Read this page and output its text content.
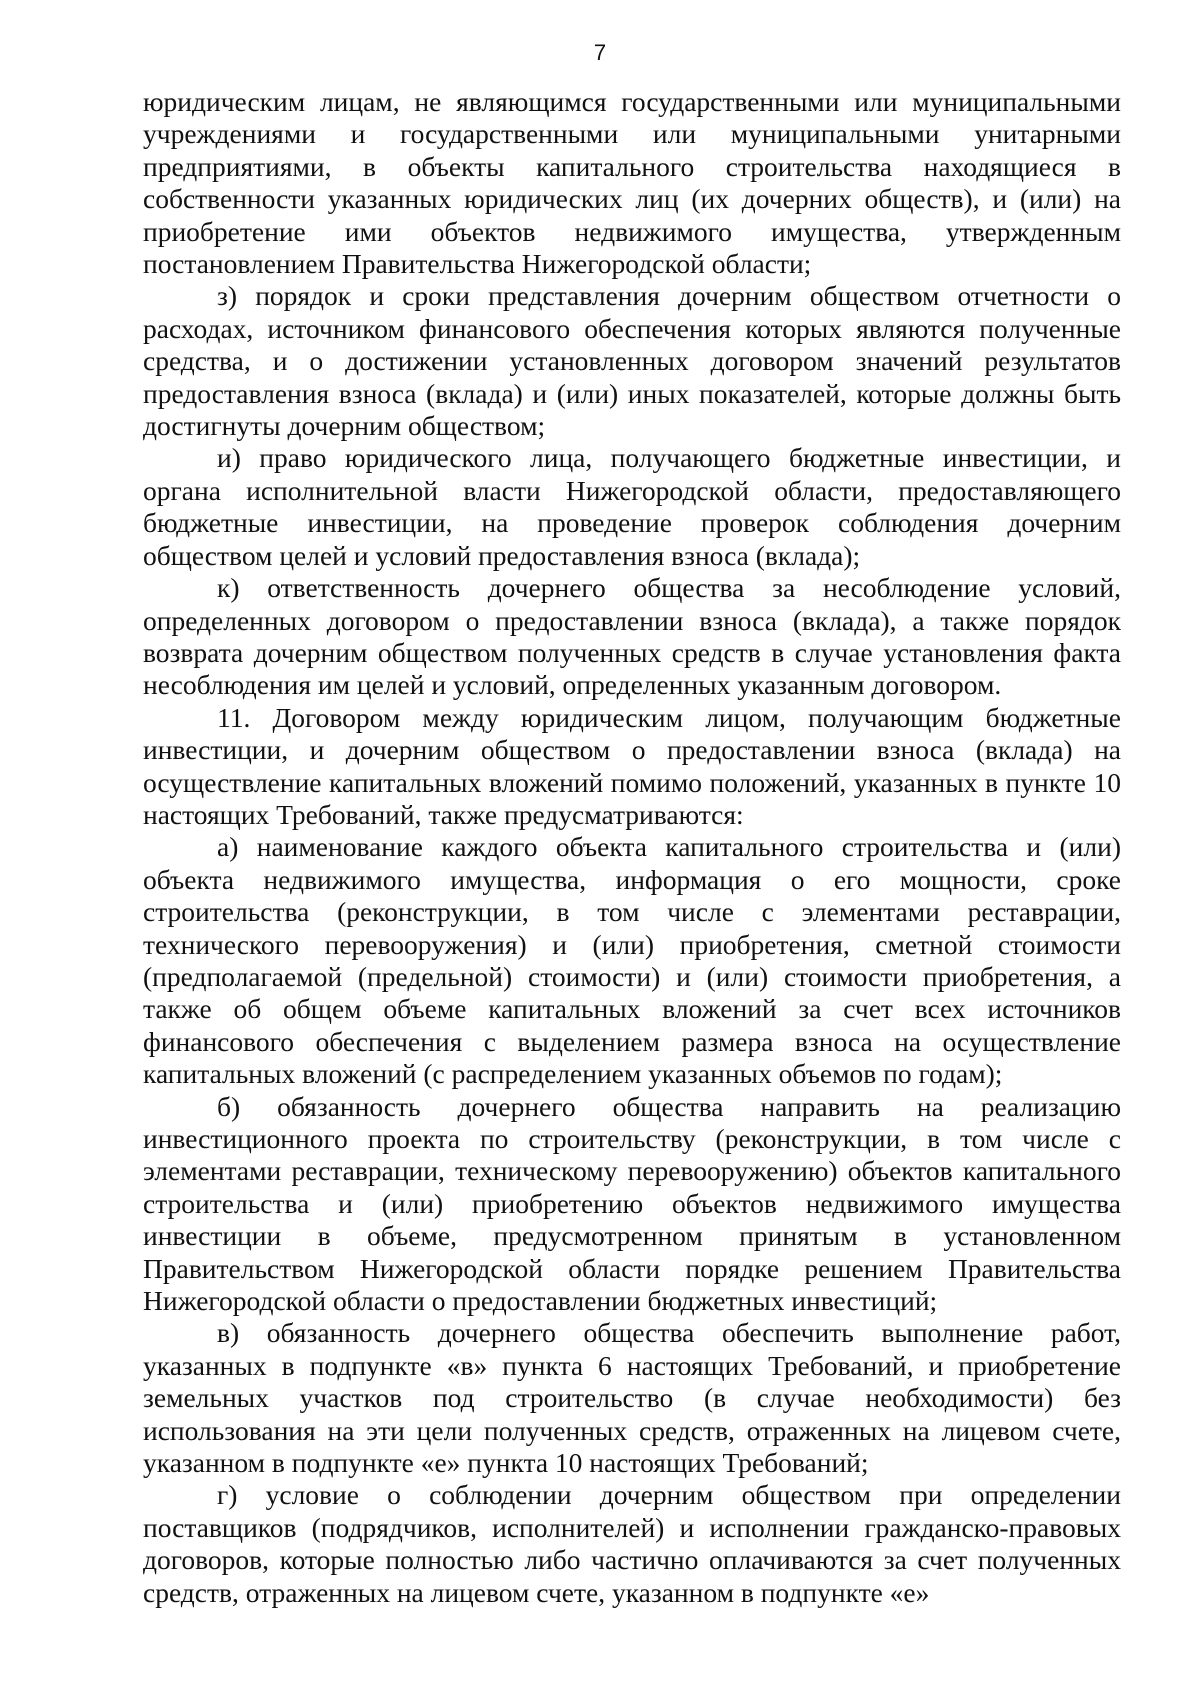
7

юридическим лицам, не являющимся государственными или муниципальными учреждениями и государственными или муниципальными унитарными предприятиями, в объекты капитального строительства находящиеся в собственности указанных юридических лиц (их дочерних обществ), и (или) на приобретение ими объектов недвижимого имущества, утвержденным постановлением Правительства Нижегородской области;

з) порядок и сроки представления дочерним обществом отчетности о расходах, источником финансового обеспечения которых являются полученные средства, и о достижении установленных договором значений результатов предоставления взноса (вклада) и (или) иных показателей, которые должны быть достигнуты дочерним обществом;

и) право юридического лица, получающего бюджетные инвестиции, и органа исполнительной власти Нижегородской области, предоставляющего бюджетные инвестиции, на проведение проверок соблюдения дочерним обществом целей и условий предоставления взноса (вклада);

к) ответственность дочернего общества за несоблюдение условий, определенных договором о предоставлении взноса (вклада), а также порядок возврата дочерним обществом полученных средств в случае установления факта несоблюдения им целей и условий, определенных указанным договором.

11. Договором между юридическим лицом, получающим бюджетные инвестиции, и дочерним обществом о предоставлении взноса (вклада) на осуществление капитальных вложений помимо положений, указанных в пункте 10 настоящих Требований, также предусматриваются:

а) наименование каждого объекта капитального строительства и (или) объекта недвижимого имущества, информация о его мощности, сроке строительства (реконструкции, в том числе с элементами реставрации, технического перевооружения) и (или) приобретения, сметной стоимости (предполагаемой (предельной) стоимости) и (или) стоимости приобретения, а также об общем объеме капитальных вложений за счет всех источников финансового обеспечения с выделением размера взноса на осуществление капитальных вложений (с распределением указанных объемов по годам);

б) обязанность дочернего общества направить на реализацию инвестиционного проекта по строительству (реконструкции, в том числе с элементами реставрации, техническому перевооружению) объектов капитального строительства и (или) приобретению объектов недвижимого имущества инвестиции в объеме, предусмотренном принятым в установленном Правительством Нижегородской области порядке решением Правительства Нижегородской области о предоставлении бюджетных инвестиций;

в) обязанность дочернего общества обеспечить выполнение работ, указанных в подпункте «в» пункта 6 настоящих Требований, и приобретение земельных участков под строительство (в случае необходимости) без использования на эти цели полученных средств, отраженных на лицевом счете, указанном в подпункте «е» пункта 10 настоящих Требований;

г) условие о соблюдении дочерним обществом при определении поставщиков (подрядчиков, исполнителей) и исполнении гражданско-правовых договоров, которые полностью либо частично оплачиваются за счет полученных средств, отраженных на лицевом счете, указанном в подпункте «е»
